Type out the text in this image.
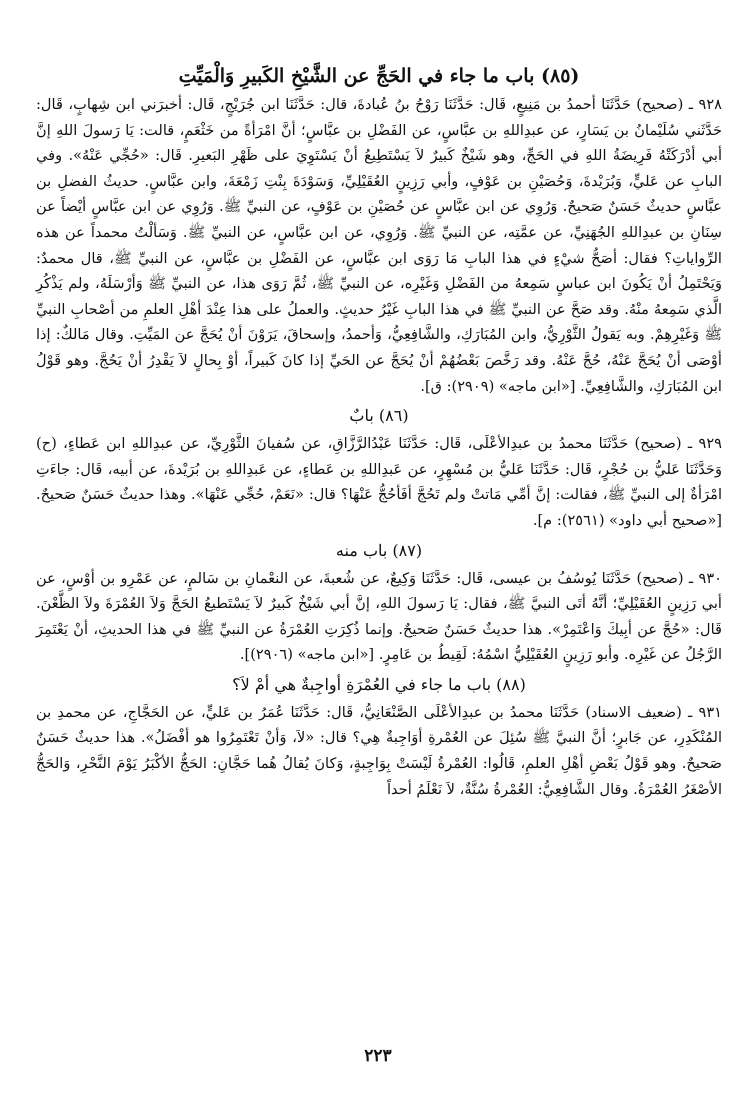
(٨٥) باب ما جاء في الحَجِّ عن الشَّيْخِ الكَبيرِ وَالْمَيِّتِ

٩٢٨ ـ (صحيح) حَدَّثَنَا أحمدُ بن مَنِيعٍ، قَال: حَدَّثَنَا رَوْحُ بنُ عُبادةَ، قال: حَدَّثَنَا ابن جُرَيْجٍ، قَال: أخبرَني ابن شِهابٍ، قَال: حَدَّثَني سُلَيْمانُ بن يَسَارٍ، عن عبدِاللهِ بن عبَّاسٍ، عن الفَضْلِ بن عبَّاسٍ؛ أنَّ امْرَأةً من خَثْعَمٍ، قالت: يَا رَسولَ اللهِ إنَّ أبي أدْرَكَتْهُ فَرِيضَةُ اللهِ في الحَجِّ، وهو شَيْخٌ كَبيرٌ لاَ يَسْتَطِيعُ أنْ يَسْتَوِيَ على ظَهْرِ البَعيرِ. قَال: «حُجِّي عَنْهُ». وفي البابِ عن عَليٍّ، وَبُرَيْدةَ، وَحُصَيْنِ بن عَوْفٍ، وأبي رَزِينٍ العُقَيْلِيِّ، وَسَوْدَةَ بِنْتِ زَمْعَةَ، وابن عبَّاسٍ. حديثُ الفضلِ بن عبَّاسٍ حديثٌ حَسَنٌ صَحيحٌ. وَرُوِي عن ابن عبَّاسٍ عن حُصَيْنِ بن عَوْفٍ، عن النبيِّ ﷺ. وَرُوِي عن ابن عبَّاسٍ أيْضاً عن سِنَانِ بن عبدِاللهِ الجُهَنِيِّ، عن عمَّتِه، عن النبيِّ ﷺ. وَرُوِي، عن ابن عبَّاسٍ، عن النبيِّ ﷺ. وَسَألْتُ محمداً عن هذه الرِّواياتِ؟ فقال: أصَحُّ شيْءٍ في هذا البابِ مَا رَوَى ابن عبَّاسٍ، عن الفَضْلِ بن عبَّاسٍ، عن النبيِّ ﷺ، قال محمدٌ: وَيَحْتَمِلُ أنْ يَكُونَ ابن عباسٍ سَمِعهُ من الفَضْلِ وَغَيْرِه، عن النبيِّ ﷺ، ثُمَّ رَوَى هذا، عن النبيِّ ﷺ وَأرْسَلَهُ، ولم يَذْكُرِ الَّذي سَمِعهُ منْهُ. وقد صَحَّ عن النبيِّ ﷺ في هذا البابِ غَيْرُ حديثٍ. والعملُ على هذا عِنْدَ أهْلِ العلمِ من أصْحابِ النبيِّ ﷺ وَغَيْرِهِمْ. وبه يَقولُ الثَّوْرِيُّ، وابن المُبَارَكِ، والشَّافِعِيُّ، وَأحمدُ، وإسحاقَ، يَرَوْنَ أنْ يُحَجَّ عن المَيِّتِ. وقال مَالكٌ: إذا أوْصَى أنْ يُحَجَّ عَنْهُ، حُجَّ عَنْهُ. وقد رَخَّصَ بَعْضُهُمْ أنْ يُحَجَّ عن الحَيِّ إذا كانَ كَبيراً، أوْ بِحالٍ لاَ يَقْدِرُ أنْ يَحُجَّ. وهو قَوْلُ ابن المُبَارَكِ، والشَّافِعِيِّ. [«ابن ماجه» (٢٩٠٩): ق].

(٨٦) بابٌ

٩٢٩ ـ (صحيح) حَدَّثَنَا محمدُ بن عبدِالأعْلَى، قَال: حَدَّثَنَا عَبْدُالرَّزَّاقِ، عن سُفيانَ الثَّوْرِيِّ، عن عبدِاللهِ ابن عَطاءٍ، (ح) وَحَدَّثَنَا عَليُّ بن حُجْرٍ، قَال: حَدَّثَنَا عَليُّ بن مُسْهِرٍ، عن عَبدِاللهِ بن عَطاءٍ، عن عَبدِاللهِ بن بُرَيْدةَ، عن أبيه، قَال: جاءَتِ امْرَأةٌ إلى النبيِّ ﷺ، فقالت: إنَّ أمِّي مَاتتْ ولم تَحُجَّ أفَأحُجُّ عَنْهَا؟ قال: «نَعَمْ، حُجِّي عَنْهَا». وهذا حديثٌ حَسَنٌ صَحيحٌ. [«صحيح أبي داود» (٢٥٦١): م].

(٨٧) باب منه

٩٣٠ ـ (صحيح) حَدَّثَنَا يُوسُفُ بن عيسى، قَال: حَدَّثَنَا وَكِيعٌ، عن شُعبةَ، عن النعْمانِ بن سَالمٍ، عن عَمْرِو بن أوْسٍ، عن أبي رَزِينٍ العُقَيْلِيِّ؛ أنَّهُ أتَى النبيَّ ﷺ، فقال: يَا رَسولَ اللهِ، إنَّ أبي شَيْخٌ كَبيرٌ لاَ يَسْتَطيعُ الحَجَّ وَلاَ العُمْرَةَ ولاَ الظَّعْنَ. قَال: «حُجَّ عن أبِيكَ وَاعْتَمِرْ». هذا حديثٌ حَسَنٌ صَحيحٌ. وإنما ذُكِرَتِ العُمْرَةُ عن النبيِّ ﷺ في هذا الحديثِ، أنْ يَعْتَمِرَ الرَّجُلُ عن غَيْرِه. وأبو رَزِينٍ العُقَيْلِيُّ اسْمُهُ: لَقِيطُ بن عَامِرٍ. [«ابن ماجه» (٢٩٠٦)].

(٨٨) باب ما جاء في العُمْرَةِ أواجِبةٌ هي أمْ لاَ؟

٩٣١ ـ (ضعيف الاسناد) حَدَّثَنَا محمدُ بن عبدِالأعْلَى الصَّنْعَانِيُّ، قَال: حَدَّثَنَا عُمَرُ بن عَليٍّ، عن الحَجَّاجِ، عن محمدِ بن المُنْكَدِرِ، عن جَابرٍ؛ أنَّ النبيَّ ﷺ سُئِلَ عن العُمْرةِ أوَاجِبةٌ هِي؟ قال: «لاَ، وَأنْ تَعْتَمِرُوا هو أفْضَلُ». هذا حديثٌ حَسَنٌ صَحيحٌ. وهو قَوْلُ بَعْضِ أهْلِ العلمِ، قَالُوا: العُمْرةُ لَيْسَتْ بِوَاجِبةٍ، وَكانَ يُقالُ هُما حَجَّانِ: الحَجُّ الأكْبَرُ يَوْمَ النَّحْرِ، وَالحَجُّ الأصْغَرُ العُمْرَةُ. وقال الشَّافِعِيُّ: العُمْرةُ سُنَّةٌ، لاَ نَعْلَمُ أحداً

٢٢٣
